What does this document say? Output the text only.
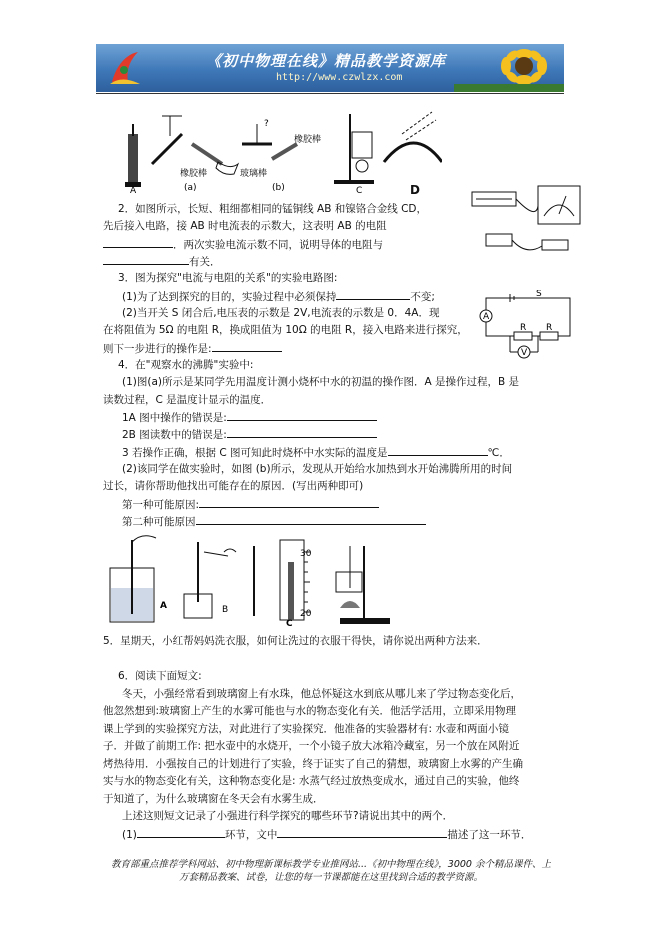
《初中物理在线》精品教学资源库
http://www.czwlzx.com
A
橡胶棒
(a)
?
橡胶棒
玻璃棒
(b)	C	D
A
S
R R
V
2．如图所示，长短、粗细都相同的锰铜线 AB 和镍铬合金线 CD，
先后接入电路，接 AB 时电流表的示数大，这表明 AB 的电阻
．两次实验电流示数不同，说明导体的电阻与
有关．
3．图为探究"电流与电阻的关系"的实验电路图:
(1)为了达到探究的目的，实验过程中必须保持	不变;
(2)当开关 S 闭合后,电压表的示数是 2V,电流表的示数是 0．4A．现
在将阻值为 5Ω 的电阻 R，换成阻值为 10Ω 的电阻 R，接入电路来进行探究，
则下一步进行的操作是:
4．在"观察水的沸腾"实验中:
(1)图(a)所示是某同学先用温度计测小烧杯中水的初温的操作图．A 是操作过程，B 是
读数过程，C 是温度计显示的温度．
1A 图中操作的错误是:
2B 图读数中的错误是:
3 若操作正确，根据 C 图可知此时烧杯中水实际的温度是	℃．
(2)该同学在做实验时，如图 (b)所示，发现从开始给水加热到水开始沸腾所用的时间
过长，请你帮助他找出可能存在的原因．(写出两种即可)
第一种可能原因:
第二种可能原因
A	B
30
20
C
5．星期天，小红帮妈妈洗衣服，如何让洗过的衣服干得快，请你说出两种方法来．
6．阅读下面短文:
冬天，小强经常看到玻璃窗上有水珠，他总怀疑这水到底从哪儿来了学过物态变化后，
他忽然想到:玻璃窗上产生的水雾可能也与水的物态变化有关．他活学活用，立即采用物理
课上学到的实验探究方法，对此进行了实验探究．他准备的实验器材有: 水壶和两面小镜
子．并做了前期工作: 把水壶中的水烧开，一个小镜子放大冰箱冷藏室，另一个放在风附近
烤热待用．小强按自己的计划进行了实验，终于证实了自己的猜想，玻璃窗上水雾的产生确
实与水的物态变化有关，这种物态变化是: 水蒸气经过放热变成水，通过自己的实验，他终
于知道了，为什么玻璃窗在冬天会有水雾生成．
上述这则短文记录了小强进行科学探究的哪些环节?请说出其中的两个．
(1)	环节，文中	描述了这一环节．
教育部重点推荐学科网站、初中物理新课标教学专业推网站...《初中物理在线》，3000 余个精品课件、上
万套精品教案、试卷，让您的每一节课都能在这里找到合适的教学资源。
